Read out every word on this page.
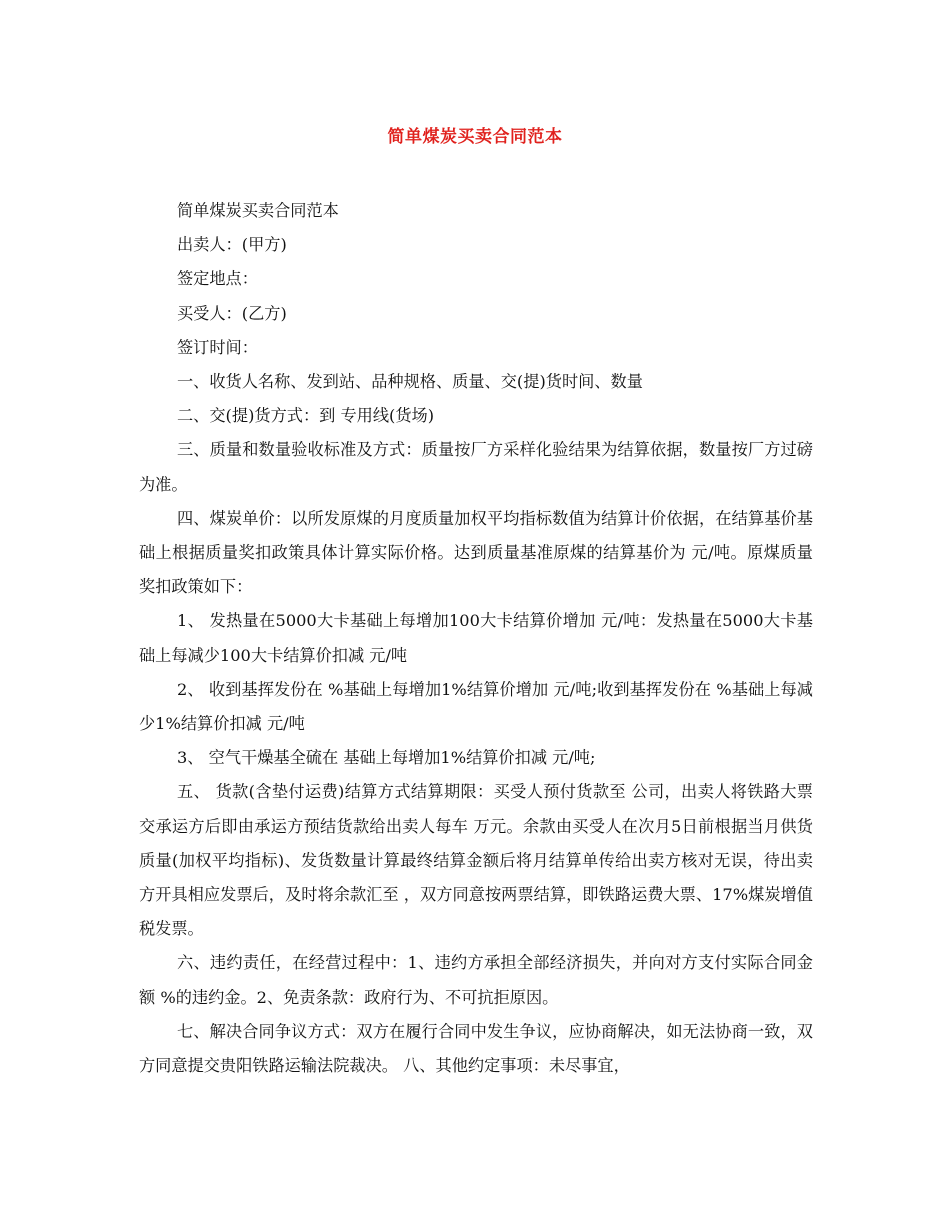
简单煤炭买卖合同范本

简单煤炭买卖合同范本

出卖人：(甲方)

签定地点：

买受人：(乙方)

签订时间：

一、收货人名称、发到站、品种规格、质量、交(提)货时间、数量

二、交(提)货方式：到 专用线(货场)

三、质量和数量验收标准及方式：质量按厂方采样化验结果为结算依据，数量按厂方过磅为准。

四、煤炭单价：以所发原煤的月度质量加权平均指标数值为结算计价依据，在结算基价基础上根据质量奖扣政策具体计算实际价格。达到质量基准原煤的结算基价为 元/吨。原煤质量奖扣政策如下：

1、 发热量在5000大卡基础上每增加100大卡结算价增加 元/吨：发热量在5000大卡基础上每减少100大卡结算价扣减 元/吨

2、 收到基挥发份在 %基础上每增加1%结算价增加 元/吨;收到基挥发份在 %基础上每减少1%结算价扣减 元/吨

3、 空气干燥基全硫在 基础上每增加1%结算价扣减 元/吨;

五、 货款(含垫付运费)结算方式结算期限：买受人预付货款至 公司，出卖人将铁路大票交承运方后即由承运方预结货款给出卖人每车 万元。余款由买受人在次月5日前根据当月供货质量(加权平均指标)、发货数量计算最终结算金额后将月结算单传给出卖方核对无误，待出卖方开具相应发票后，及时将余款汇至 ，双方同意按两票结算，即铁路运费大票、17%煤炭增值税发票。

六、违约责任，在经营过程中：1、违约方承担全部经济损失，并向对方支付实际合同金额 %的违约金。2、免责条款：政府行为、不可抗拒原因。

七、解决合同争议方式：双方在履行合同中发生争议，应协商解决，如无法协商一致，双方同意提交贵阳铁路运输法院裁决。 八、其他约定事项：未尽事宜，
